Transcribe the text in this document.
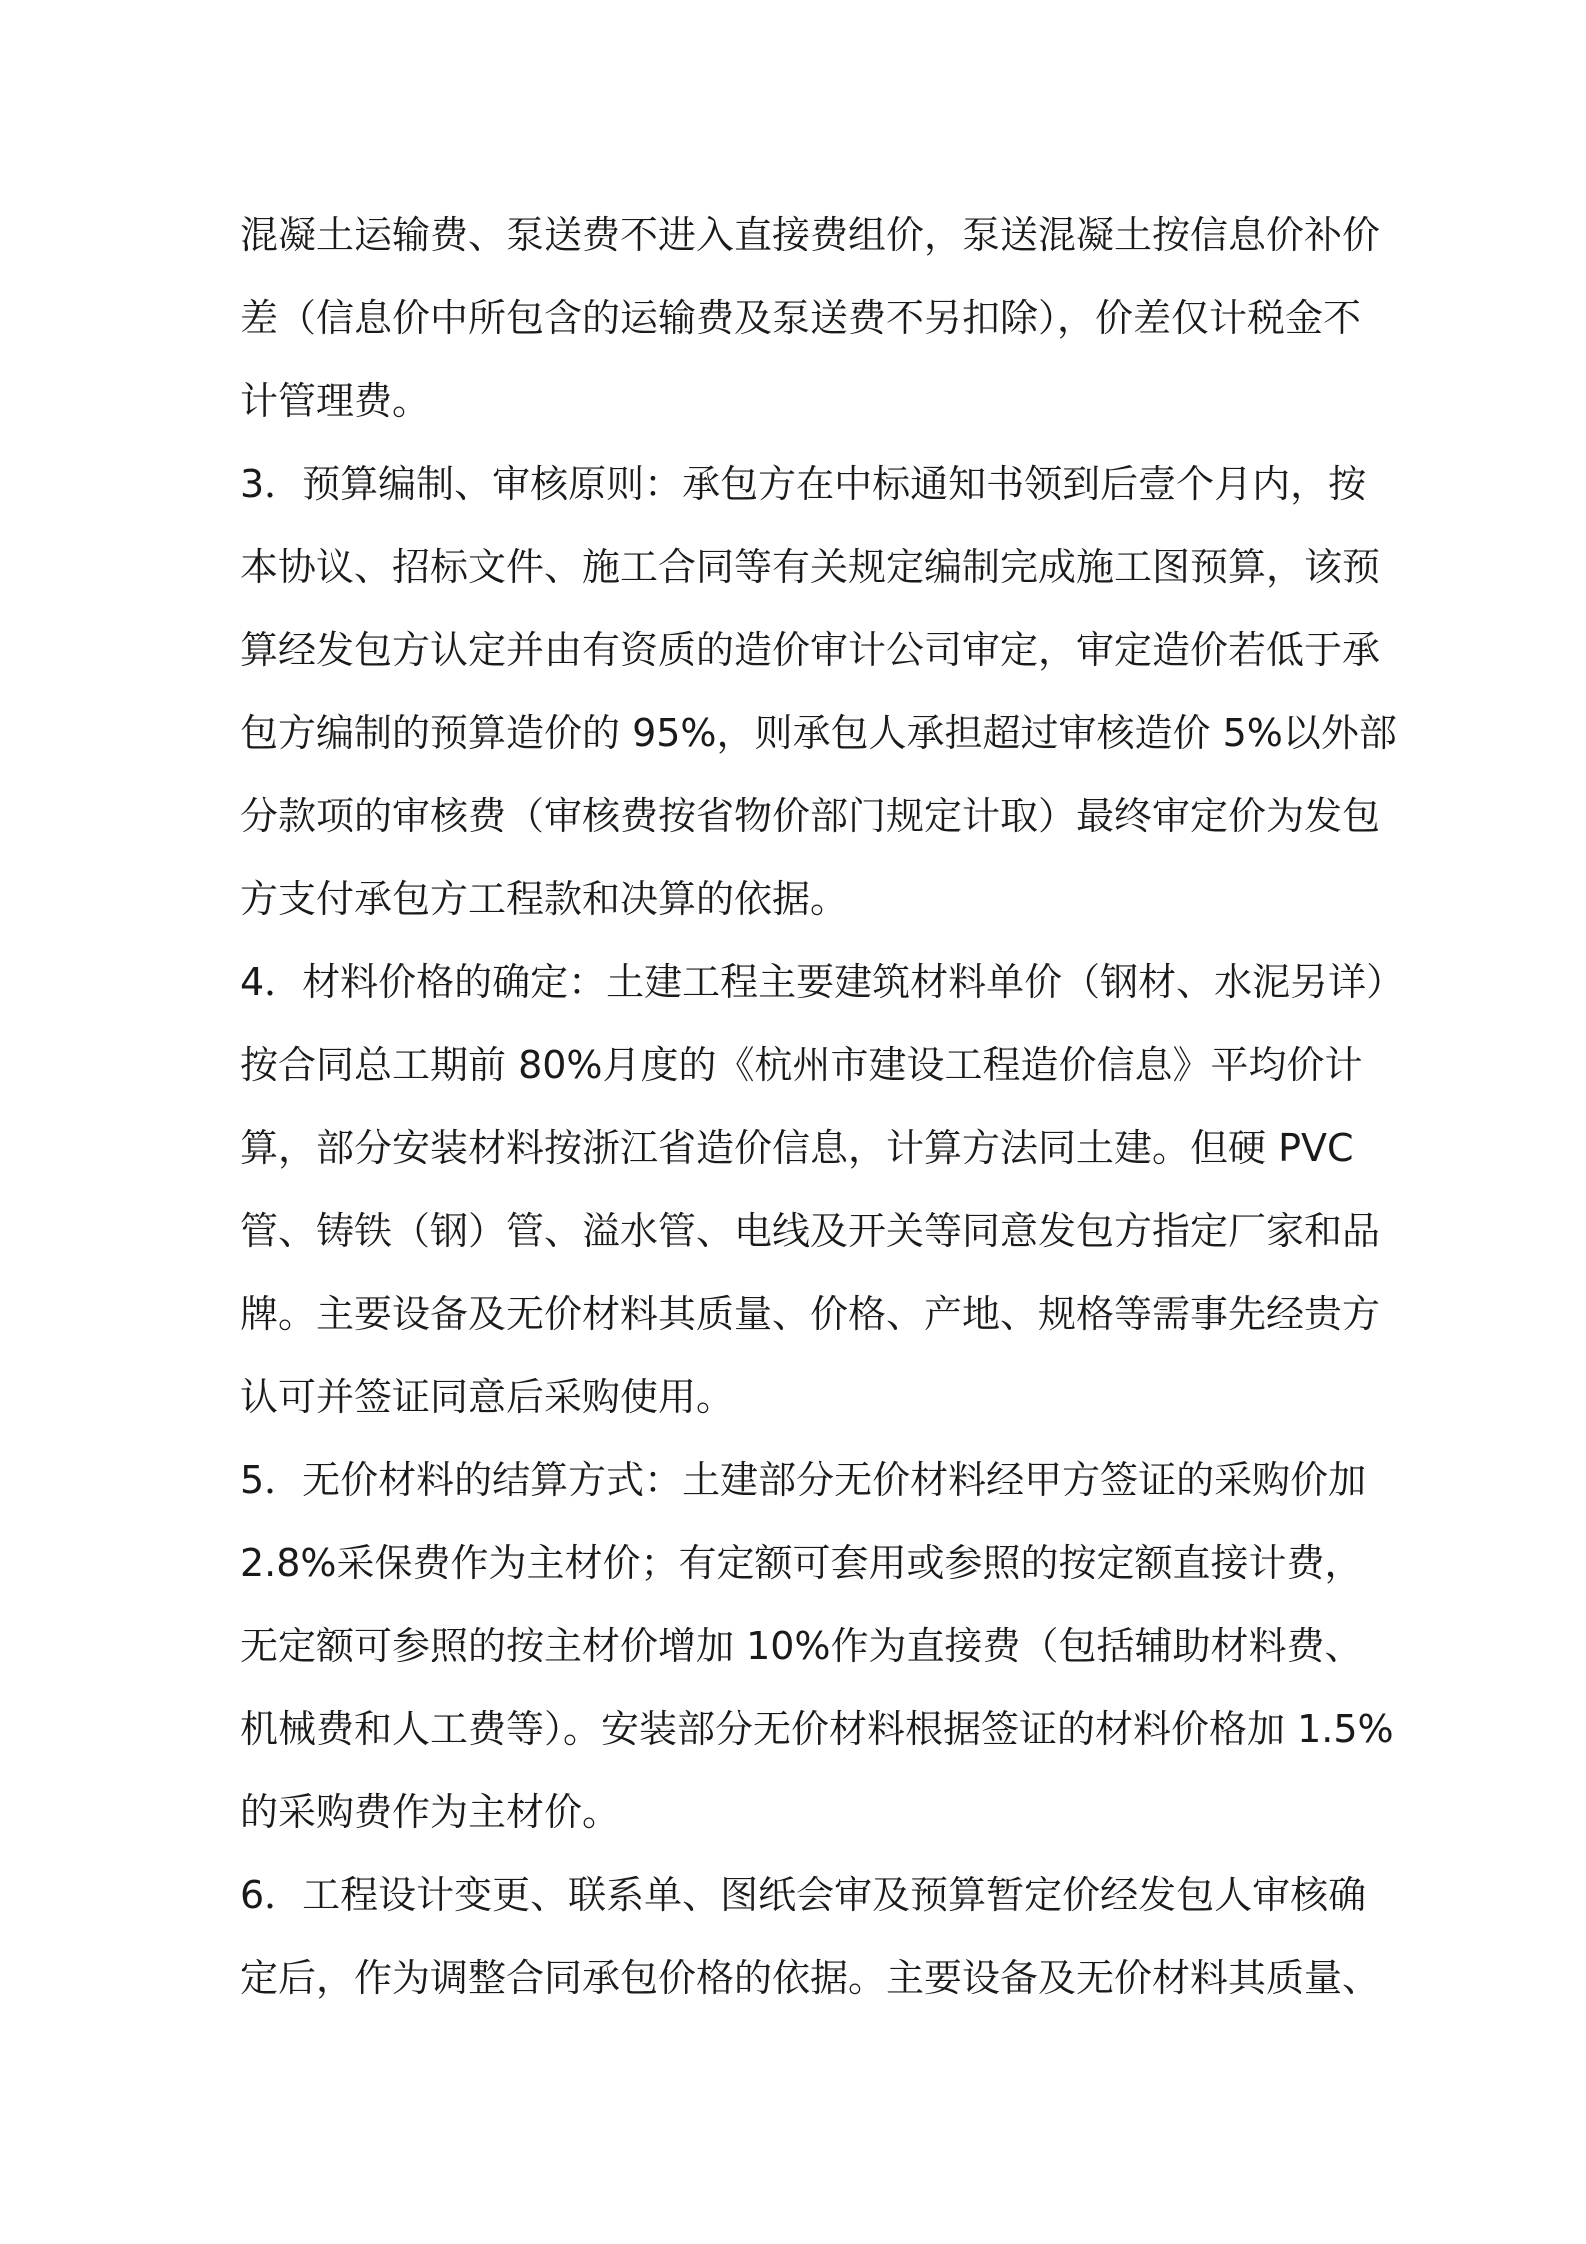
混凝土运输费、泵送费不进入直接费组价，泵送混凝土按信息价补价
差（信息价中所包含的运输费及泵送费不另扣除），价差仅计税金不
计管理费。
3．预算编制、审核原则：承包方在中标通知书领到后壹个月内，按
本协议、招标文件、施工合同等有关规定编制完成施工图预算，该预
算经发包方认定并由有资质的造价审计公司审定，审定造价若低于承
包方编制的预算造价的 95%，则承包人承担超过审核造价 5%以外部
分款项的审核费（审核费按省物价部门规定计取）最终审定价为发包
方支付承包方工程款和决算的依据。
4．材料价格的确定：土建工程主要建筑材料单价（钢材、水泥另详）
按合同总工期前 80%月度的《杭州市建设工程造价信息》平均价计
算，部分安装材料按浙江省造价信息，计算方法同土建。但硬 PVC
管、铸铁（钢）管、溢水管、电线及开关等同意发包方指定厂家和品
牌。主要设备及无价材料其质量、价格、产地、规格等需事先经贵方
认可并签证同意后采购使用。
5．无价材料的结算方式：土建部分无价材料经甲方签证的采购价加
2.8%采保费作为主材价；有定额可套用或参照的按定额直接计费，
无定额可参照的按主材价增加 10%作为直接费（包括辅助材料费、
机械费和人工费等）。安装部分无价材料根据签证的材料价格加 1.5%
的采购费作为主材价。
6．工程设计变更、联系单、图纸会审及预算暂定价经发包人审核确
定后，作为调整合同承包价格的依据。主要设备及无价材料其质量、
